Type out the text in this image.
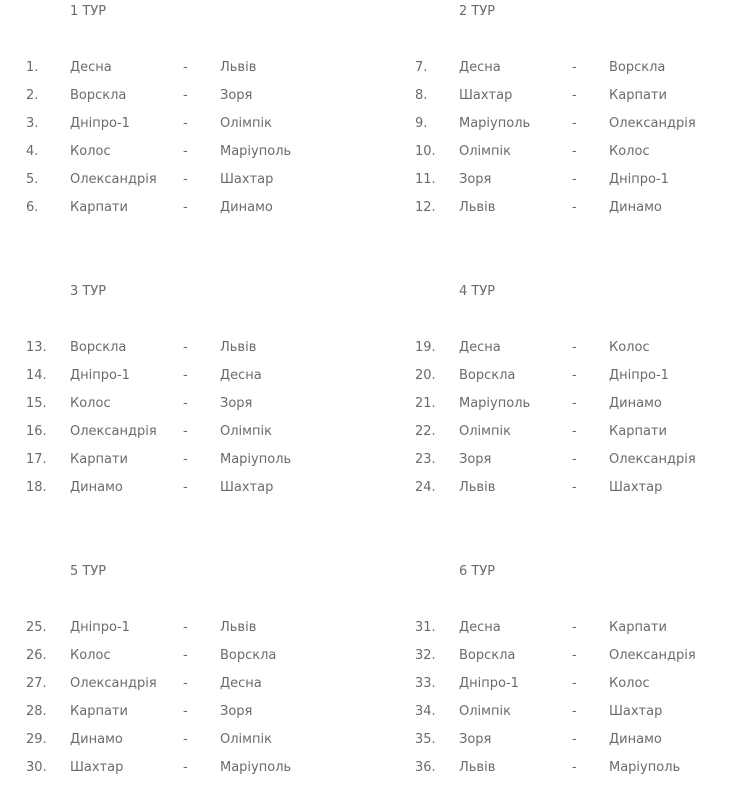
1 ТУР
1. Десна	- Львів
2. Ворскла	- Зоря
3. Дніпро-1	- Олімпік
4. Колос	- Маріуполь
5. Олександрія - Шахтар
6. Карпати	- Динамо
2 ТУР
7. Десна	- Ворскла
8. Шахтар	- Карпати
9. Маріуполь	- Олександрія
10. Олімпік	- Колос
11. Зоря	- Дніпро-1
12. Львів	- Динамо
3 ТУР
13. Ворскла	- Львів
14. Дніпро-1	- Десна
15. Колос	- Зоря
16. Олександрія - Олімпік
17. Карпати	- Маріуполь
18. Динамо	- Шахтар
4 ТУР
19. Десна	- Колос
20. Ворскла	- Дніпро-1
21. Маріуполь	- Динамо
22. Олімпік	- Карпати
23. Зоря	- Олександрія
24. Львів	- Шахтар
5 ТУР
25. Дніпро-1	- Львів
26. Колос	- Ворскла
27. Олександрія - Десна
28. Карпати	- Зоря
29. Динамо	- Олімпік
30. Шахтар	- Маріуполь
6 ТУР
31. Десна	- Карпати
32. Ворскла	- Олександрія
33. Дніпро-1	- Колос
34. Олімпік	- Шахтар
35. Зоря	- Динамо
36. Львів	- Маріуполь
